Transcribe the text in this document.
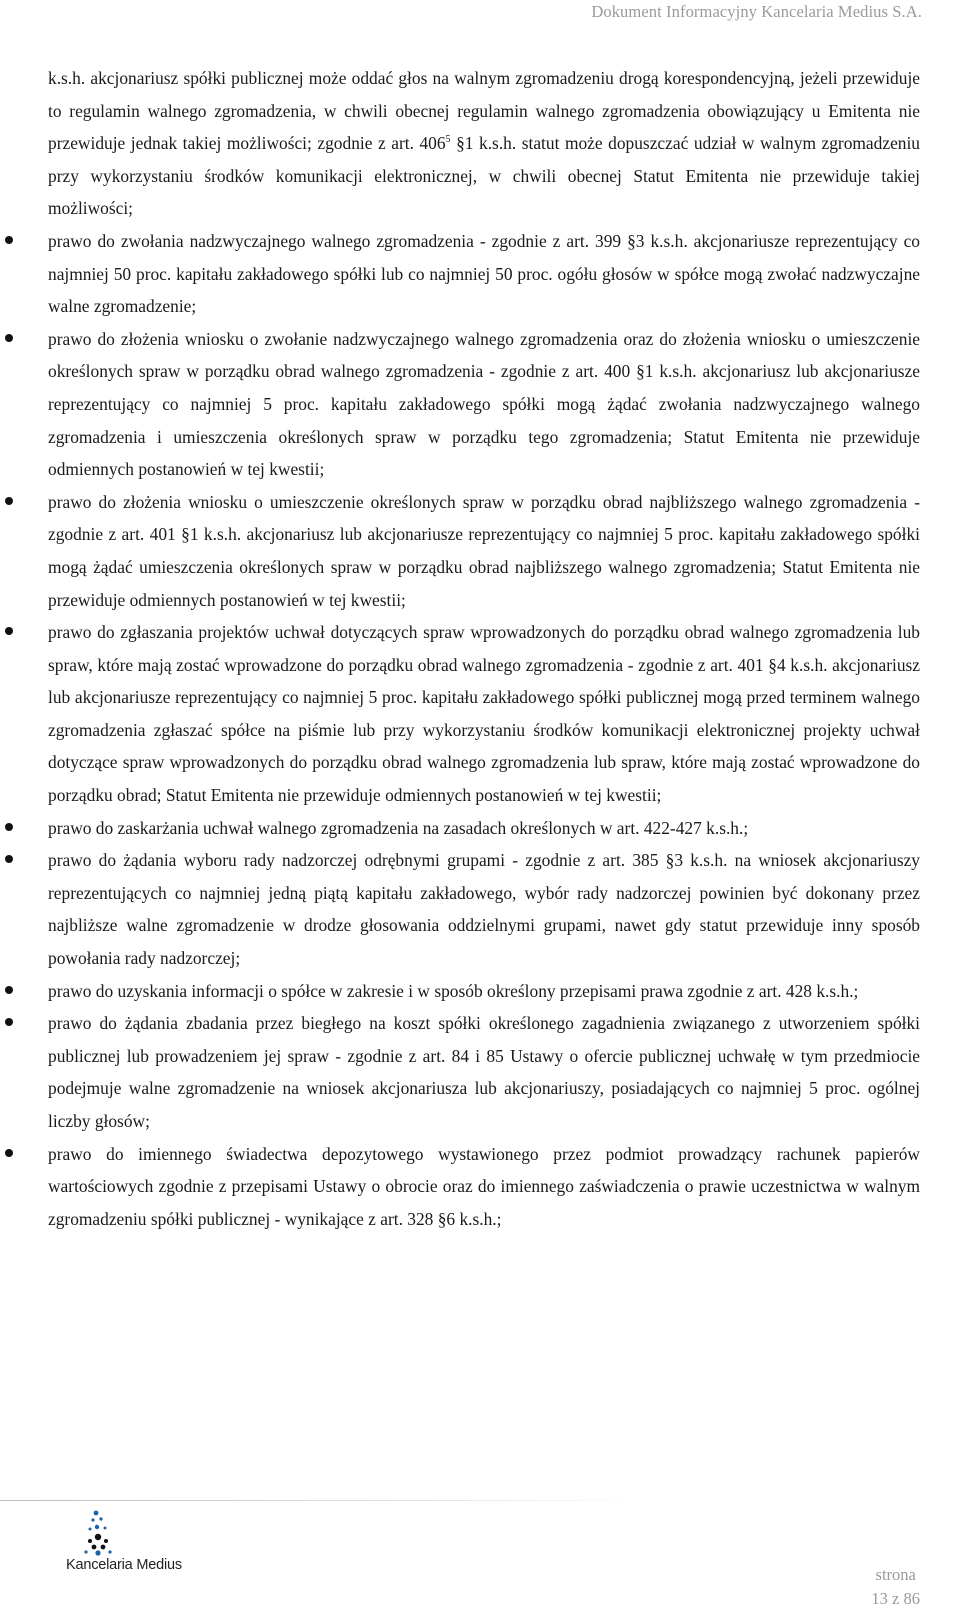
Dokument Informacyjny Kancelaria Medius S.A.

k.s.h. akcjonariusz spółki publicznej może oddać głos na walnym zgromadzeniu drogą korespondencyjną, jeżeli przewiduje to regulamin walnego zgromadzenia, w chwili obecnej regulamin walnego zgromadzenia obowiązujący u Emitenta nie przewiduje jednak takiej możliwości; zgodnie z art. $406^5$ §1 k.s.h. statut może dopuszczać udział w walnym zgromadzeniu przy wykorzystaniu środków komunikacji elektronicznej, w chwili obecnej Statut Emitenta nie przewiduje takiej możliwości;

prawo do zwołania nadzwyczajnego walnego zgromadzenia - zgodnie z art. 399 §3 k.s.h. akcjonariusze reprezentujący co najmniej 50 proc. kapitału zakładowego spółki lub co najmniej 50 proc. ogółu głosów w spółce mogą zwołać nadzwyczajne walne zgromadzenie;
prawo do złożenia wniosku o zwołanie nadzwyczajnego walnego zgromadzenia oraz do złożenia wniosku o umieszczenie określonych spraw w porządku obrad walnego zgromadzenia - zgodnie z art. 400 §1 k.s.h. akcjonariusz lub akcjonariusze reprezentujący co najmniej 5 proc. kapitału zakładowego spółki mogą żądać zwołania nadzwyczajnego walnego zgromadzenia i umieszczenia określonych spraw w porządku tego zgromadzenia; Statut Emitenta nie przewiduje odmiennych postanowień w tej kwestii;
prawo do złożenia wniosku o umieszczenie określonych spraw w porządku obrad najbliższego walnego zgromadzenia - zgodnie z art. 401 §1 k.s.h. akcjonariusz lub akcjonariusze reprezentujący co najmniej 5 proc. kapitału zakładowego spółki mogą żądać umieszczenia określonych spraw w porządku obrad najbliższego walnego zgromadzenia; Statut Emitenta nie przewiduje odmiennych postanowień w tej kwestii;
prawo do zgłaszania projektów uchwał dotyczących spraw wprowadzonych do porządku obrad walnego zgromadzenia lub spraw, które mają zostać wprowadzone do porządku obrad walnego zgromadzenia - zgodnie z art. 401 §4 k.s.h. akcjonariusz lub akcjonariusze reprezentujący co najmniej 5 proc. kapitału zakładowego spółki publicznej mogą przed terminem walnego zgromadzenia zgłaszać spółce na piśmie lub przy wykorzystaniu środków komunikacji elektronicznej projekty uchwał dotyczące spraw wprowadzonych do porządku obrad walnego zgromadzenia lub spraw, które mają zostać wprowadzone do porządku obrad; Statut Emitenta nie przewiduje odmiennych postanowień w tej kwestii;
prawo do zaskarżania uchwał walnego zgromadzenia na zasadach określonych w art. 422-427 k.s.h.;
prawo do żądania wyboru rady nadzorczej odrębnymi grupami - zgodnie z art. 385 §3 k.s.h. na wniosek akcjonariuszy reprezentujących co najmniej jedną piątą kapitału zakładowego, wybór rady nadzorczej powinien być dokonany przez najbliższe walne zgromadzenie w drodze głosowania oddzielnymi grupami, nawet gdy statut przewiduje inny sposób powołania rady nadzorczej;
prawo do uzyskania informacji o spółce w zakresie i w sposób określony przepisami prawa zgodnie z art. 428 k.s.h.;
prawo do żądania zbadania przez biegłego na koszt spółki określonego zagadnienia związanego z utworzeniem spółki publicznej lub prowadzeniem jej spraw - zgodnie z art. 84 i 85 Ustawy o ofercie publicznej uchwałę w tym przedmiocie podejmuje walne zgromadzenie na wniosek akcjonariusza lub akcjonariuszy, posiadających co najmniej 5 proc. ogólnej liczby głosów;
prawo do imiennego świadectwa depozytowego wystawionego przez podmiot prowadzący rachunek papierów wartościowych zgodnie z przepisami Ustawy o obrocie oraz do imiennego zaświadczenia o prawie uczestnictwa w walnym zgromadzeniu spółki publicznej - wynikające z art. 328 §6 k.s.h.;
Kancelaria Medius	strona
13 z 86
